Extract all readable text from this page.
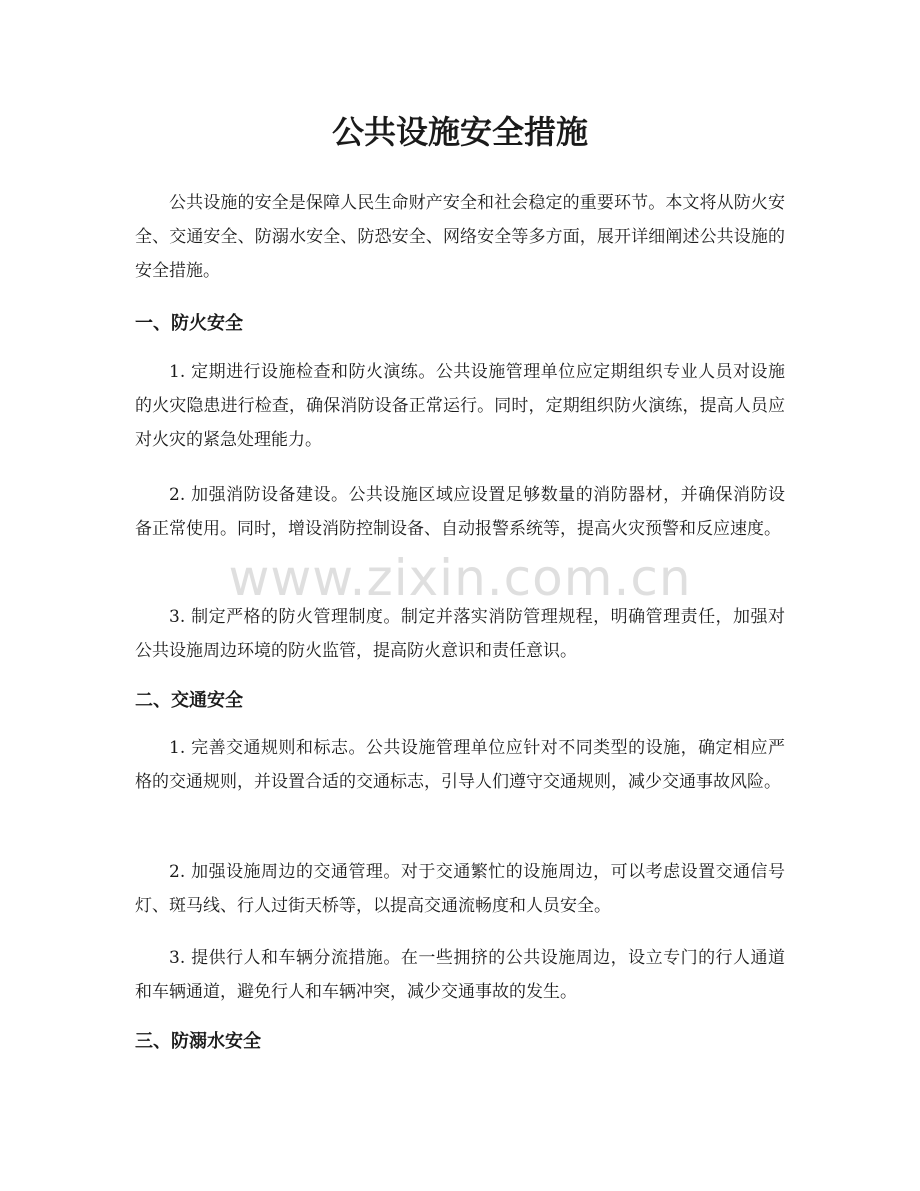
公共设施安全措施

公共设施的安全是保障人民生命财产安全和社会稳定的重要环节。本文将从防火安全、交通安全、防溺水安全、防恐安全、网络安全等多方面，展开详细阐述公共设施的安全措施。

一、防火安全

1. 定期进行设施检查和防火演练。公共设施管理单位应定期组织专业人员对设施的火灾隐患进行检查，确保消防设备正常运行。同时，定期组织防火演练，提高人员应对火灾的紧急处理能力。

2. 加强消防设备建设。公共设施区域应设置足够数量的消防器材，并确保消防设备正常使用。同时，增设消防控制设备、自动报警系统等，提高火灾预警和反应速度。

3. 制定严格的防火管理制度。制定并落实消防管理规程，明确管理责任，加强对公共设施周边环境的防火监管，提高防火意识和责任意识。

二、交通安全

1. 完善交通规则和标志。公共设施管理单位应针对不同类型的设施，确定相应严格的交通规则，并设置合适的交通标志，引导人们遵守交通规则，减少交通事故风险。

2. 加强设施周边的交通管理。对于交通繁忙的设施周边，可以考虑设置交通信号灯、斑马线、行人过街天桥等，以提高交通流畅度和人员安全。

3. 提供行人和车辆分流措施。在一些拥挤的公共设施周边，设立专门的行人通道和车辆通道，避免行人和车辆冲突，减少交通事故的发生。

三、防溺水安全
www.zixin.com.cn
